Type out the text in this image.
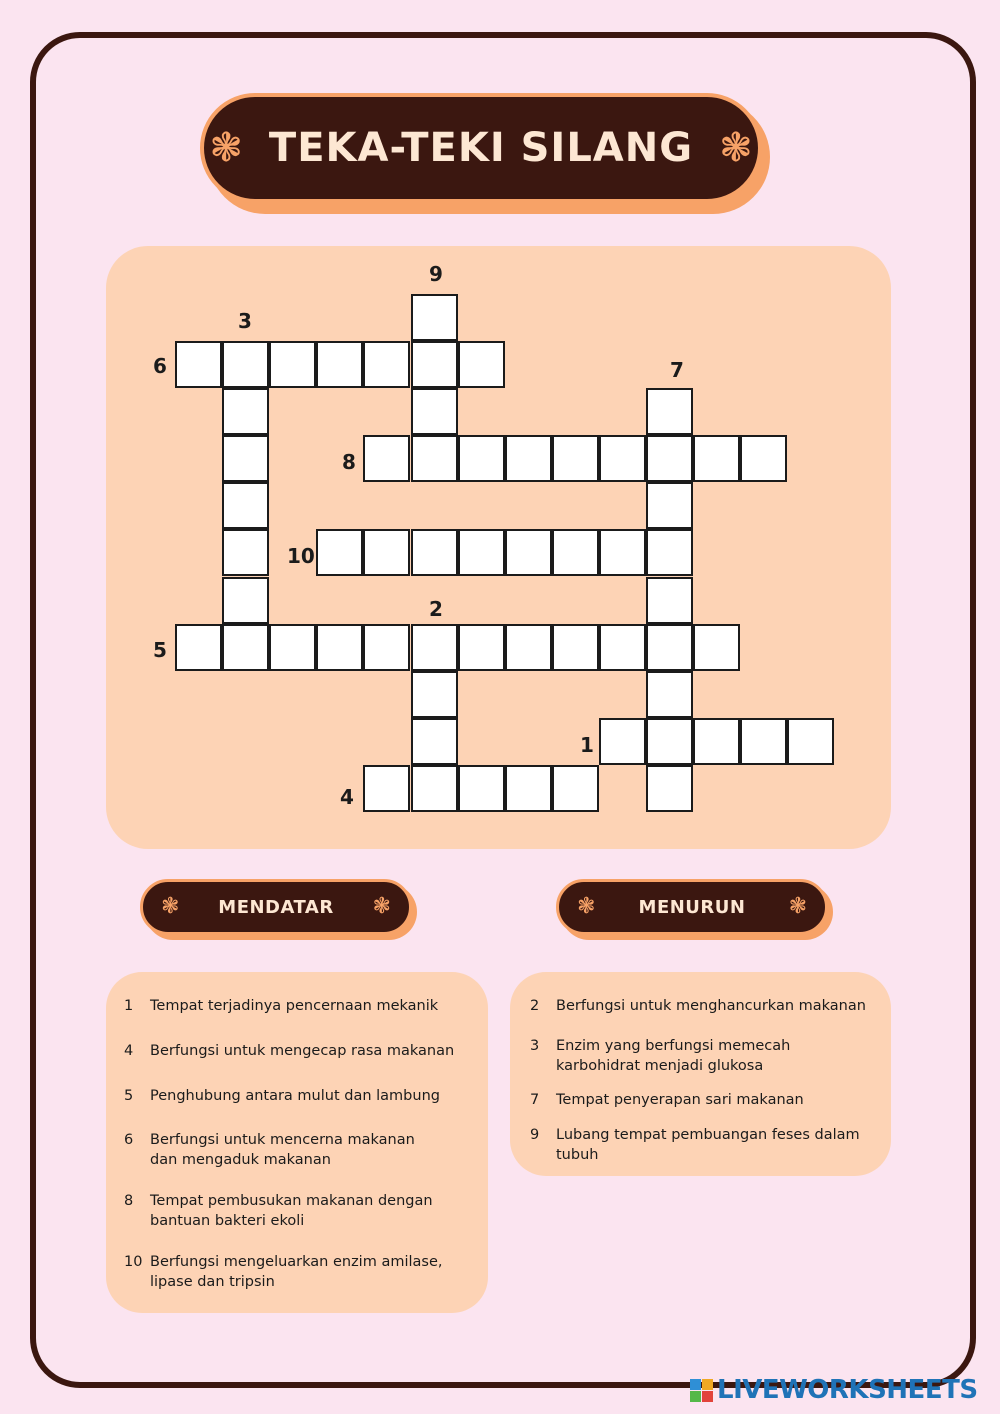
❃ TEKA-TEKI SILANG ❃
9
3
6	7
8
10
2
5
1
4
❃ MENDATAR ❃	❃ MENURUN ❃
1	Tempat terjadinya pencernaan mekanik
4	Berfungsi untuk mengecap rasa makanan
5	Penghubung antara mulut dan lambung
6	Berfungsi untuk mencerna makanan dan mengaduk makanan
8	Tempat pembusukan makanan dengan bantuan bakteri ekoli
10 Berfungsi mengeluarkan enzim amilase, lipase dan tripsin
2	Berfungsi untuk menghancurkan makanan
3	Enzim yang berfungsi memecah karbohidrat menjadi glukosa
7	Tempat penyerapan sari makanan
9	Lubang tempat pembuangan feses dalam tubuh
LIVEWORKSHEETS
